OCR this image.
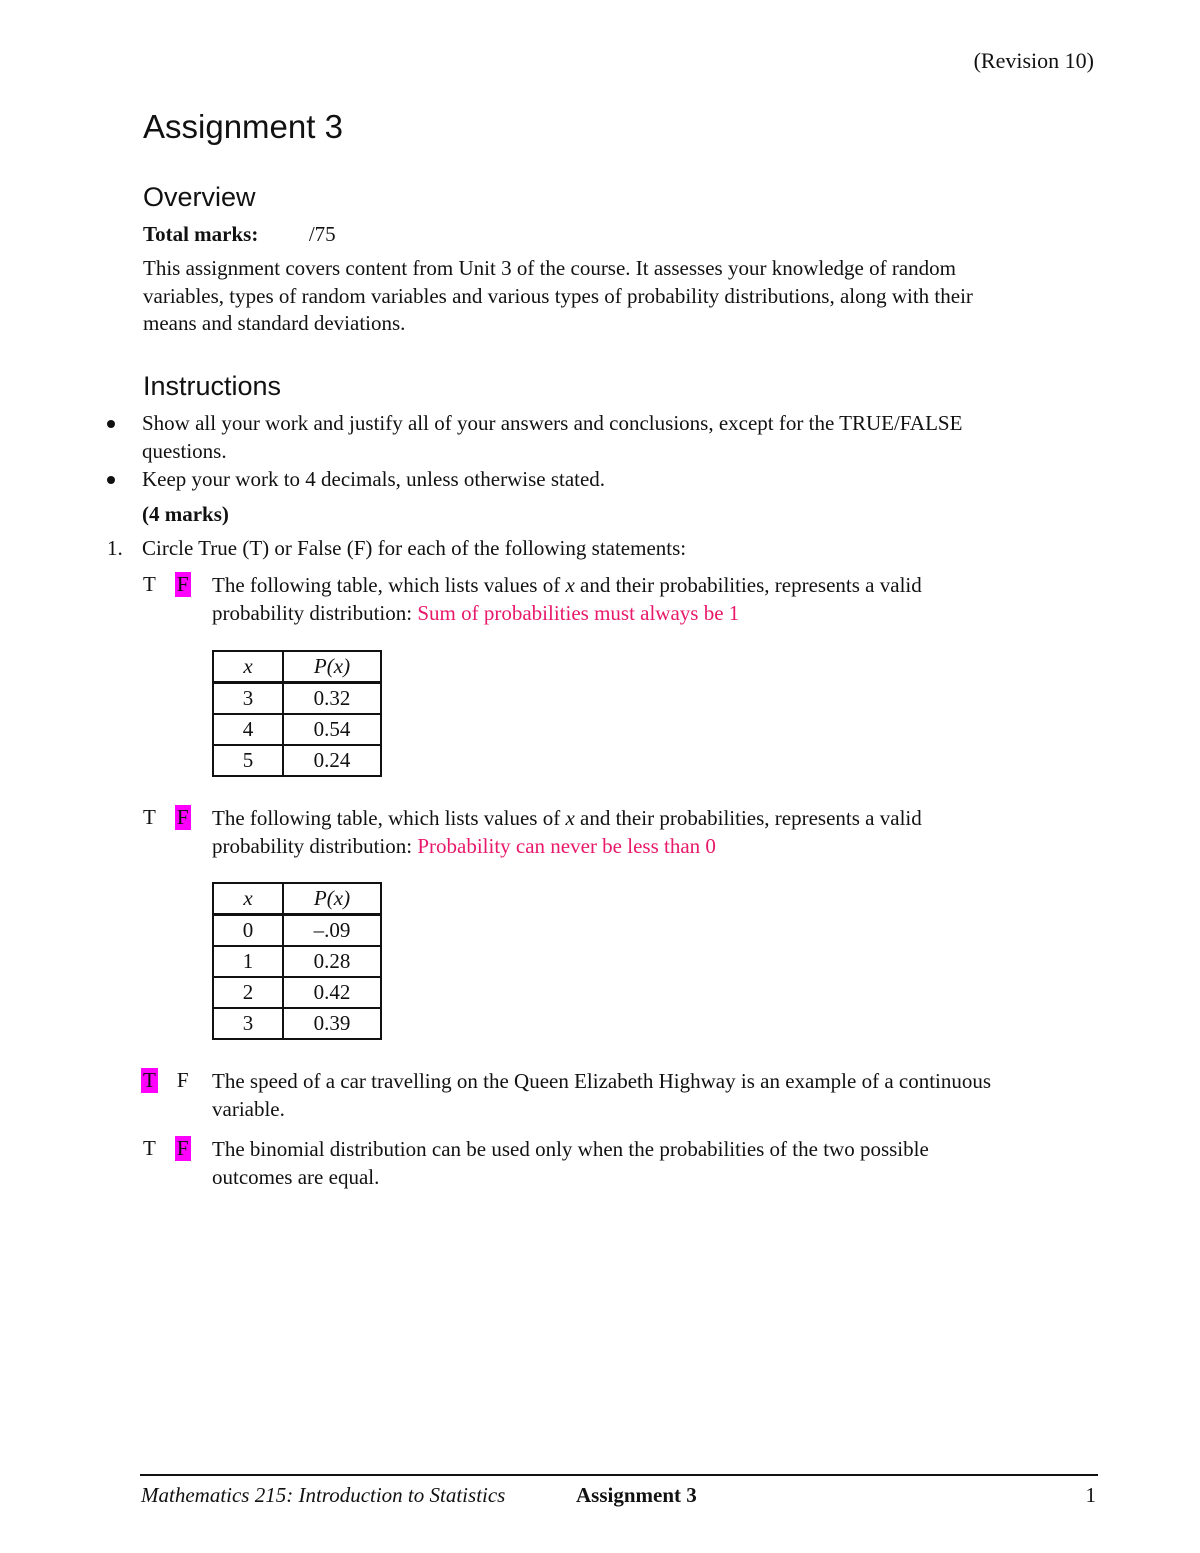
(Revision 10)
Assignment 3
Overview
Total marks: /75
This assignment covers content from Unit 3 of the course. It assesses your knowledge of random
variables, types of random variables and various types of probability distributions, along with their
means and standard deviations.
Instructions
Show all your work and justify all of your answers and conclusions, except for the TRUE/FALSE
questions.
Keep your work to 4 decimals, unless otherwise stated.
(4 marks)
1. Circle True (T) or False (F) for each of the following statements:
T F The following table, which lists values of x and their probabilities, represents a valid
probability distribution: Sum of probabilities must always be 1
x	P(x)
3	0.32
4	0.54
5	0.24
T F The following table, which lists values of x and their probabilities, represents a valid
probability distribution: Probability can never be less than 0
x	P(x)
0	–.09
1	0.28
2	0.42
3	0.39
T F The speed of a car travelling on the Queen Elizabeth Highway is an example of a continuous
variable.
T F The binomial distribution can be used only when the probabilities of the two possible
outcomes are equal.
Mathematics 215: Introduction to Statistics	Assignment 3	1
